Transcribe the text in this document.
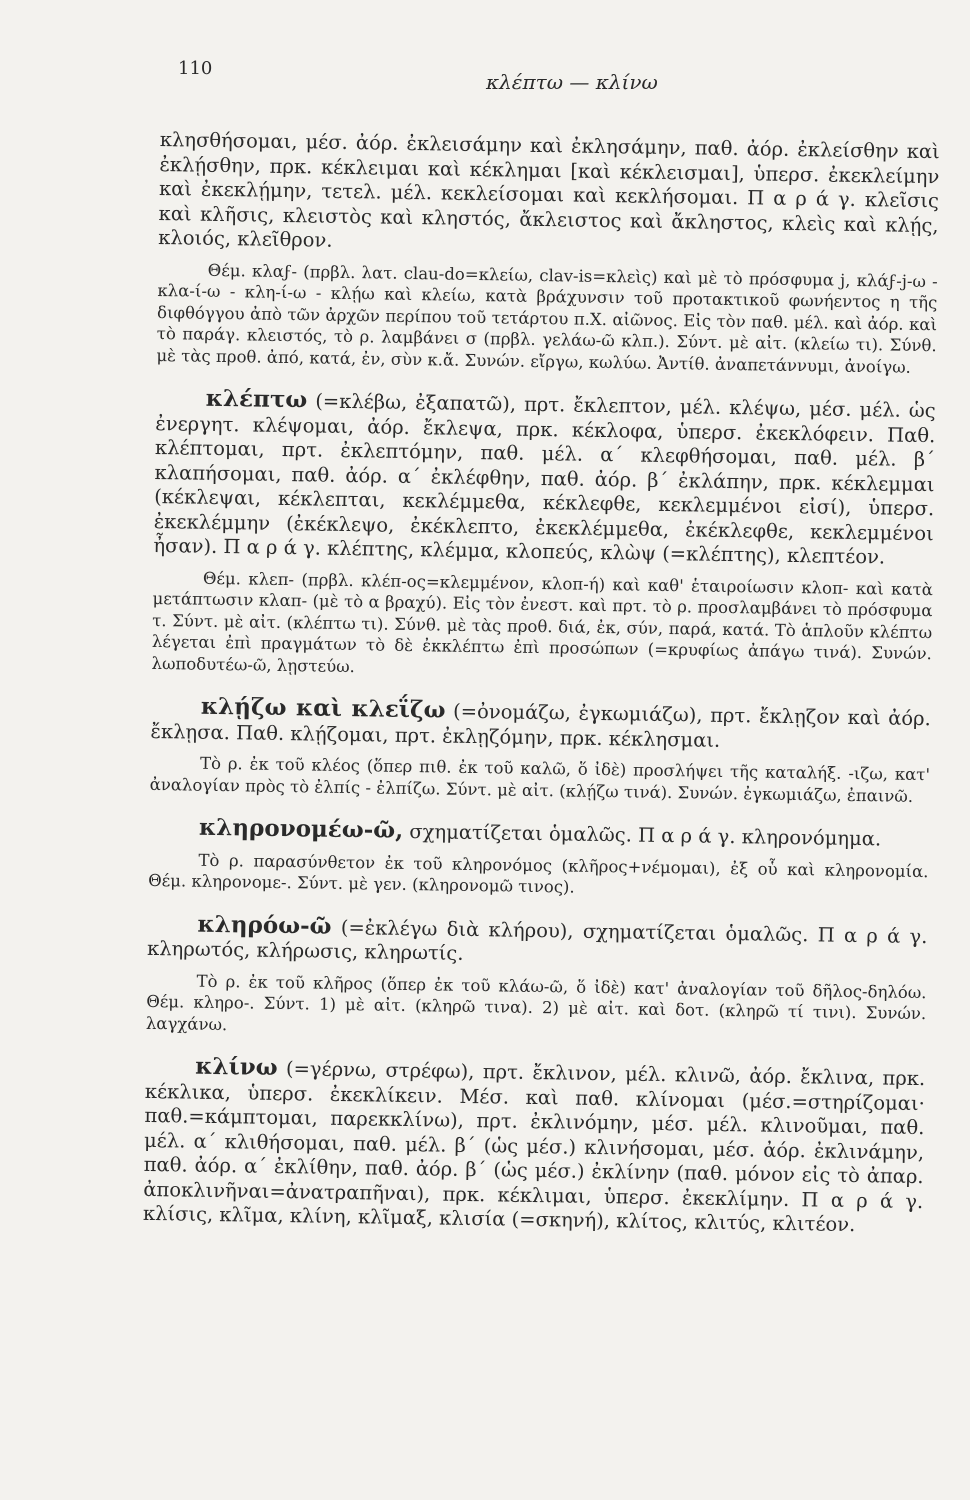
110
κλέπτω — κλίνω

κλησθήσομαι, μέσ. ἀόρ. ἐκλεισάμην καὶ ἐκλησάμην, παθ. ἀόρ. ἐκλείσθην καὶ ἐκλῄσθην, πρκ. κέκλειμαι καὶ κέκλημαι [καὶ κέκλεισμαι], ὑπερσ. ἐκεκλείμην καὶ ἐκεκλῄμην, τετελ. μέλ. κεκλείσομαι καὶ κεκλήσομαι. Π α ρ ά γ. κλεῖσις καὶ κλῆσις, κλειστὸς καὶ κληστός, ἄκλειστος καὶ ἄκληστος, κλεὶς καὶ κλῄς, κλοιός, κλεῖθρον.

Θέμ. κλαϝ- (πρβλ. λατ. clau-do=κλείω, clav-is=κλεὶς) καὶ μὲ τὸ πρόσφυμα j, κλάϝ-j-ω - κλα-ί-ω - κλη-ί-ω - κλῄω καὶ κλείω, κατὰ βράχυνσιν τοῦ προτακτικοῦ φωνήεντος η τῆς διφθόγγου ἀπὸ τῶν ἀρχῶν περίπου τοῦ τετάρτου π.Χ. αἰῶνος. Εἰς τὸν παθ. μέλ. καὶ ἀόρ. καὶ τὸ παράγ. κλειστός, τὸ ρ. λαμβάνει σ (πρβλ. γελάω-ῶ κλπ.). Σύντ. μὲ αἰτ. (κλείω τι). Σύνθ. μὲ τὰς προθ. ἀπό, κατά, ἐν, σὺν κ.ἄ. Συνών. εἴργω, κωλύω. Ἀντίθ. ἀναπετάννυμι, ἀνοίγω.

κλέπτω (=κλέβω, ἐξαπατῶ), πρτ. ἔκλεπτον, μέλ. κλέψω, μέσ. μέλ. ὡς ἐνεργητ. κλέψομαι, ἀόρ. ἔκλεψα, πρκ. κέκλοφα, ὑπερσ. ἐκεκλόφειν. Παθ. κλέπτομαι, πρτ. ἐκλεπτόμην, παθ. μέλ. α΄ κλεφθήσομαι, παθ. μέλ. β΄ κλαπήσομαι, παθ. ἀόρ. α΄ ἐκλέφθην, παθ. ἀόρ. β΄ ἐκλάπην, πρκ. κέκλεμμαι (κέκλεψαι, κέκλεπται, κεκλέμμεθα, κέκλεφθε, κεκλεμμένοι εἰσί), ὑπερσ. ἐκεκλέμμην (ἐκέκλεψο, ἐκέκλεπτο, ἐκεκλέμμεθα, ἐκέκλεφθε, κεκλεμμένοι ἦσαν). Π α ρ ά γ. κλέπτης, κλέμμα, κλοπεύς, κλὼψ (=κλέπτης), κλεπτέον.

Θέμ. κλεπ- (πρβλ. κλέπ-ος=κλεμμένον, κλοπ-ή) καὶ καθ' ἑταιροίωσιν κλοπ- καὶ κατὰ μετάπτωσιν κλαπ- (μὲ τὸ α βραχύ). Εἰς τὸν ἐνεστ. καὶ πρτ. τὸ ρ. προσλαμβάνει τὸ πρόσφυμα τ. Σύντ. μὲ αἰτ. (κλέπτω τι). Σύνθ. μὲ τὰς προθ. διά, ἐκ, σύν, παρά, κατά. Τὸ ἁπλοῦν κλέπτω λέγεται ἐπὶ πραγμάτων τὸ δὲ ἐκκλέπτω ἐπὶ προσώπων (=κρυφίως ἀπάγω τινά). Συνών. λωποδυτέω-ῶ, λῃστεύω.

κλῄζω καὶ κλεΐζω (=ὀνομάζω, ἐγκωμιάζω), πρτ. ἔκλῃζον καὶ ἀόρ. ἔκλῃσα. Παθ. κλῄζομαι, πρτ. ἐκλῃζόμην, πρκ. κέκλησμαι.

Τὸ ρ. ἐκ τοῦ κλέος (ὅπερ πιθ. ἐκ τοῦ καλῶ, ὅ ἰδὲ) προσλήψει τῆς καταλήξ. -ιζω, κατ' ἀναλογίαν πρὸς τὸ ἐλπίς - ἐλπίζω. Σύντ. μὲ αἰτ. (κλῄζω τινά). Συνών. ἐγκωμιάζω, ἐπαινῶ.

κληρονομέω-ῶ, σχηματίζεται ὁμαλῶς. Π α ρ ά γ. κληρονόμημα.

Τὸ ρ. παρασύνθετον ἐκ τοῦ κληρονόμος (κλῆρος+νέμομαι), ἐξ οὗ καὶ κληρονομία. Θέμ. κληρονομε-. Σύντ. μὲ γεν. (κληρονομῶ τινος).

κληρόω-ῶ (=ἐκλέγω διὰ κλήρου), σχηματίζεται ὁμαλῶς. Π α ρ ά γ. κληρωτός, κλήρωσις, κληρωτίς.

Τὸ ρ. ἐκ τοῦ κλῆρος (ὅπερ ἐκ τοῦ κλάω-ῶ, ὅ ἰδὲ) κατ' ἀναλογίαν τοῦ δῆλος-δηλόω. Θέμ. κληρο-. Σύντ. 1) μὲ αἰτ. (κληρῶ τινα). 2) μὲ αἰτ. καὶ δοτ. (κληρῶ τί τινι). Συνών. λαγχάνω.

κλίνω (=γέρνω, στρέφω), πρτ. ἔκλινον, μέλ. κλινῶ, ἀόρ. ἔκλινα, πρκ. κέκλικα, ὑπερσ. ἐκεκλίκειν. Μέσ. καὶ παθ. κλίνομαι (μέσ.=στηρίζομαι· παθ.=κάμπτομαι, παρεκκλίνω), πρτ. ἐκλινόμην, μέσ. μέλ. κλινοῦμαι, παθ. μέλ. α΄ κλιθήσομαι, παθ. μέλ. β΄ (ὡς μέσ.) κλινήσομαι, μέσ. ἀόρ. ἐκλινάμην, παθ. ἀόρ. α΄ ἐκλίθην, παθ. ἀόρ. β΄ (ὡς μέσ.) ἐκλίνην (παθ. μόνον εἰς τὸ ἀπαρ. ἀποκλινῆναι=ἀνατραπῆναι), πρκ. κέκλιμαι, ὑπερσ. ἐκεκλίμην. Π α ρ ά γ. κλίσις, κλῖμα, κλίνη, κλῖμαξ, κλισία (=σκηνή), κλίτος, κλιτύς, κλιτέον.
